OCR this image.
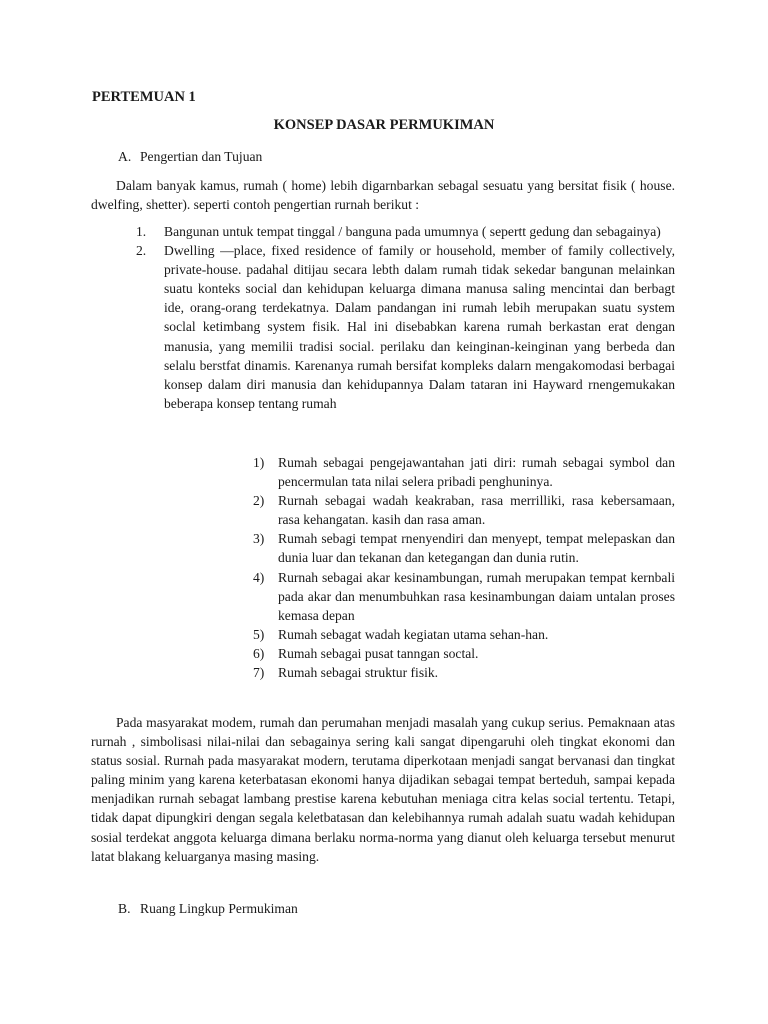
PERTEMUAN 1
KONSEP DASAR PERMUKIMAN
A. Pengertian dan Tujuan

Dalam banyak kamus, rumah ( home) lebih digarnbarkan sebagal sesuatu yang bersitat fisik ( house. dwelfing, shetter). seperti contoh pengertian rurnah berikut :

1.	Bangunan untuk tempat tinggal / banguna pada umumnya ( sepertt gedung dan sebagainya)
2.	Dwelling —place, fixed residence of family or household, member of family collectively, private-house. padahal ditijau secara lebth dalam rumah tidak sekedar bangunan melainkan suatu konteks social dan kehidupan keluarga dimana manusa saling mencintai dan berbagt ide, orang-orang terdekatnya. Dalam pandangan ini rumah lebih merupakan suatu system soclal ketimbang system fisik. Hal ini disebabkan karena rumah berkastan erat dengan manusia, yang memilii tradisi social. perilaku dan keinginan-keinginan yang berbeda dan selalu berstfat dinamis. Karenanya rumah bersifat kompleks dalarn mengakomodasi berbagai konsep dalam diri manusia dan kehidupannya Dalam tataran ini Hayward rnengemukakan beberapa konsep tentang rumah
1)	Rumah sebagai pengejawantahan jati diri: rumah sebagai symbol dan pencermulan tata nilai selera pribadi penghuninya.
2)	Rurnah sebagai wadah keakraban, rasa merrilliki, rasa kebersamaan, rasa kehangatan. kasih dan rasa aman.
3)	Rumah sebagi tempat rnenyendiri dan menyept, tempat melepaskan dan dunia luar dan tekanan dan ketegangan dan dunia rutin.
4)	Rurnah sebagai akar kesinambungan, rumah merupakan tempat kernbali pada akar dan menumbuhkan rasa kesinambungan daiam untalan proses kemasa depan
5)	Rumah sebagat wadah kegiatan utama sehan-han.
6)	Rumah sebagai pusat tanngan soctal.
7)	Rumah sebagai struktur fisik.

Pada masyarakat modem, rumah dan perumahan menjadi masalah yang cukup serius. Pemaknaan atas rurnah , simbolisasi nilai-nilai dan sebagainya sering kali sangat dipengaruhi oleh tingkat ekonomi dan status sosial. Rurnah pada masyarakat modern, terutama diperkotaan menjadi sangat bervanasi dan tingkat paling minim yang karena keterbatasan ekonomi hanya dijadikan sebagai tempat berteduh, sampai kepada menjadikan rurnah sebagat lambang prestise karena kebutuhan meniaga citra kelas social tertentu. Tetapi, tidak dapat dipungkiri dengan segala keletbatasan dan kelebihannya rumah adalah suatu wadah kehidupan sosial terdekat anggota keluarga dimana berlaku norma-norma yang dianut oleh keluarga tersebut menurut latat blakang keluarganya masing masing.

B. Ruang Lingkup Permukiman
